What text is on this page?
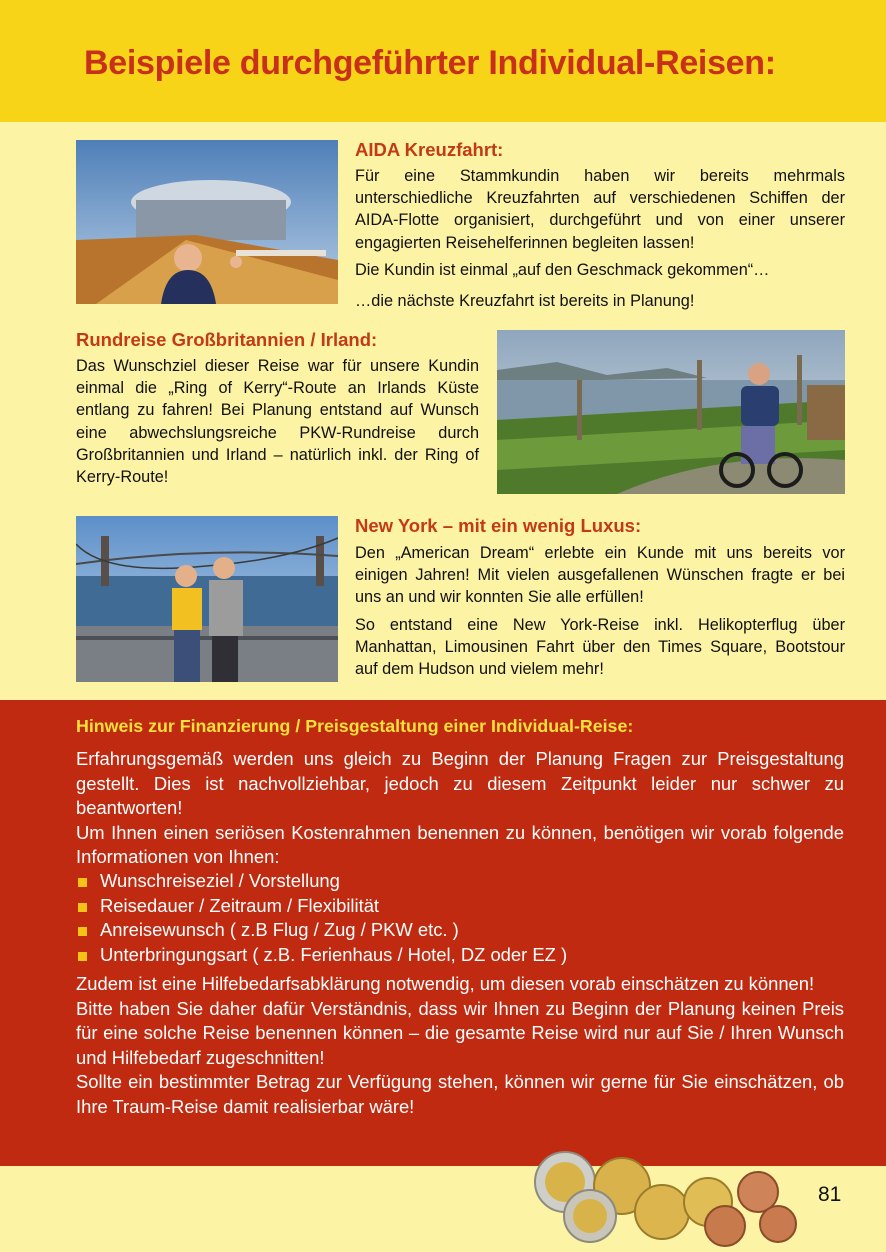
Beispiele durchgeführter Individual-Reisen:
AIDA Kreuzfahrt:

Für eine Stammkundin haben wir bereits mehrmals unterschiedliche Kreuzfahrten auf verschiedenen Schiffen der AIDA-Flotte organisiert, durchgeführt und von einer unserer engagierten Reisehelferinnen begleiten lassen!

Die Kundin ist einmal „auf den Geschmack gekommen“…

…die nächste Kreuzfahrt ist bereits in Planung!

Rundreise Großbritannien / Irland:

Das Wunschziel dieser Reise war für unsere Kundin einmal die „Ring of Kerry“-Route an Irlands Küste entlang zu fahren! Bei Planung entstand auf Wunsch eine abwechslungsreiche PKW-Rundreise durch Großbritannien und Irland – natürlich inkl. der Ring of Kerry-Route!

New York – mit ein wenig Luxus:

Den „American Dream“ erlebte ein Kunde mit uns bereits vor einigen Jahren! Mit vielen ausgefallenen Wünschen fragte er bei uns an und wir konnten Sie alle erfüllen!

So entstand eine New York-Reise inkl. Helikopterflug über Manhattan, Limousinen Fahrt über den Times Square, Bootstour auf dem Hudson und vielem mehr!

Hinweis zur Finanzierung / Preisgestaltung einer Individual-Reise:

Erfahrungsgemäß werden uns gleich zu Beginn der Planung Fragen zur Preisgestaltung gestellt. Dies ist nachvollziehbar, jedoch zu diesem Zeitpunkt leider nur schwer zu beantworten!

Um Ihnen einen seriösen Kostenrahmen benennen zu können, benötigen wir vorab folgende Informationen von Ihnen:

Wunschreiseziel / Vorstellung
Reisedauer / Zeitraum / Flexibilität
Anreisewunsch ( z.B Flug / Zug / PKW etc. )
Unterbringungsart ( z.B. Ferienhaus / Hotel, DZ oder EZ )

Zudem ist eine Hilfebedarfsabklärung notwendig, um diesen vorab einschätzen zu können!

Bitte haben Sie daher dafür Verständnis, dass wir Ihnen zu Beginn der Planung keinen Preis für eine solche Reise benennen können – die gesamte Reise wird nur auf Sie / Ihren Wunsch und Hilfebedarf zugeschnitten!

Sollte ein bestimmter Betrag zur Verfügung stehen, können wir gerne für Sie einschätzen, ob Ihre Traum-Reise damit realisierbar wäre!

81
